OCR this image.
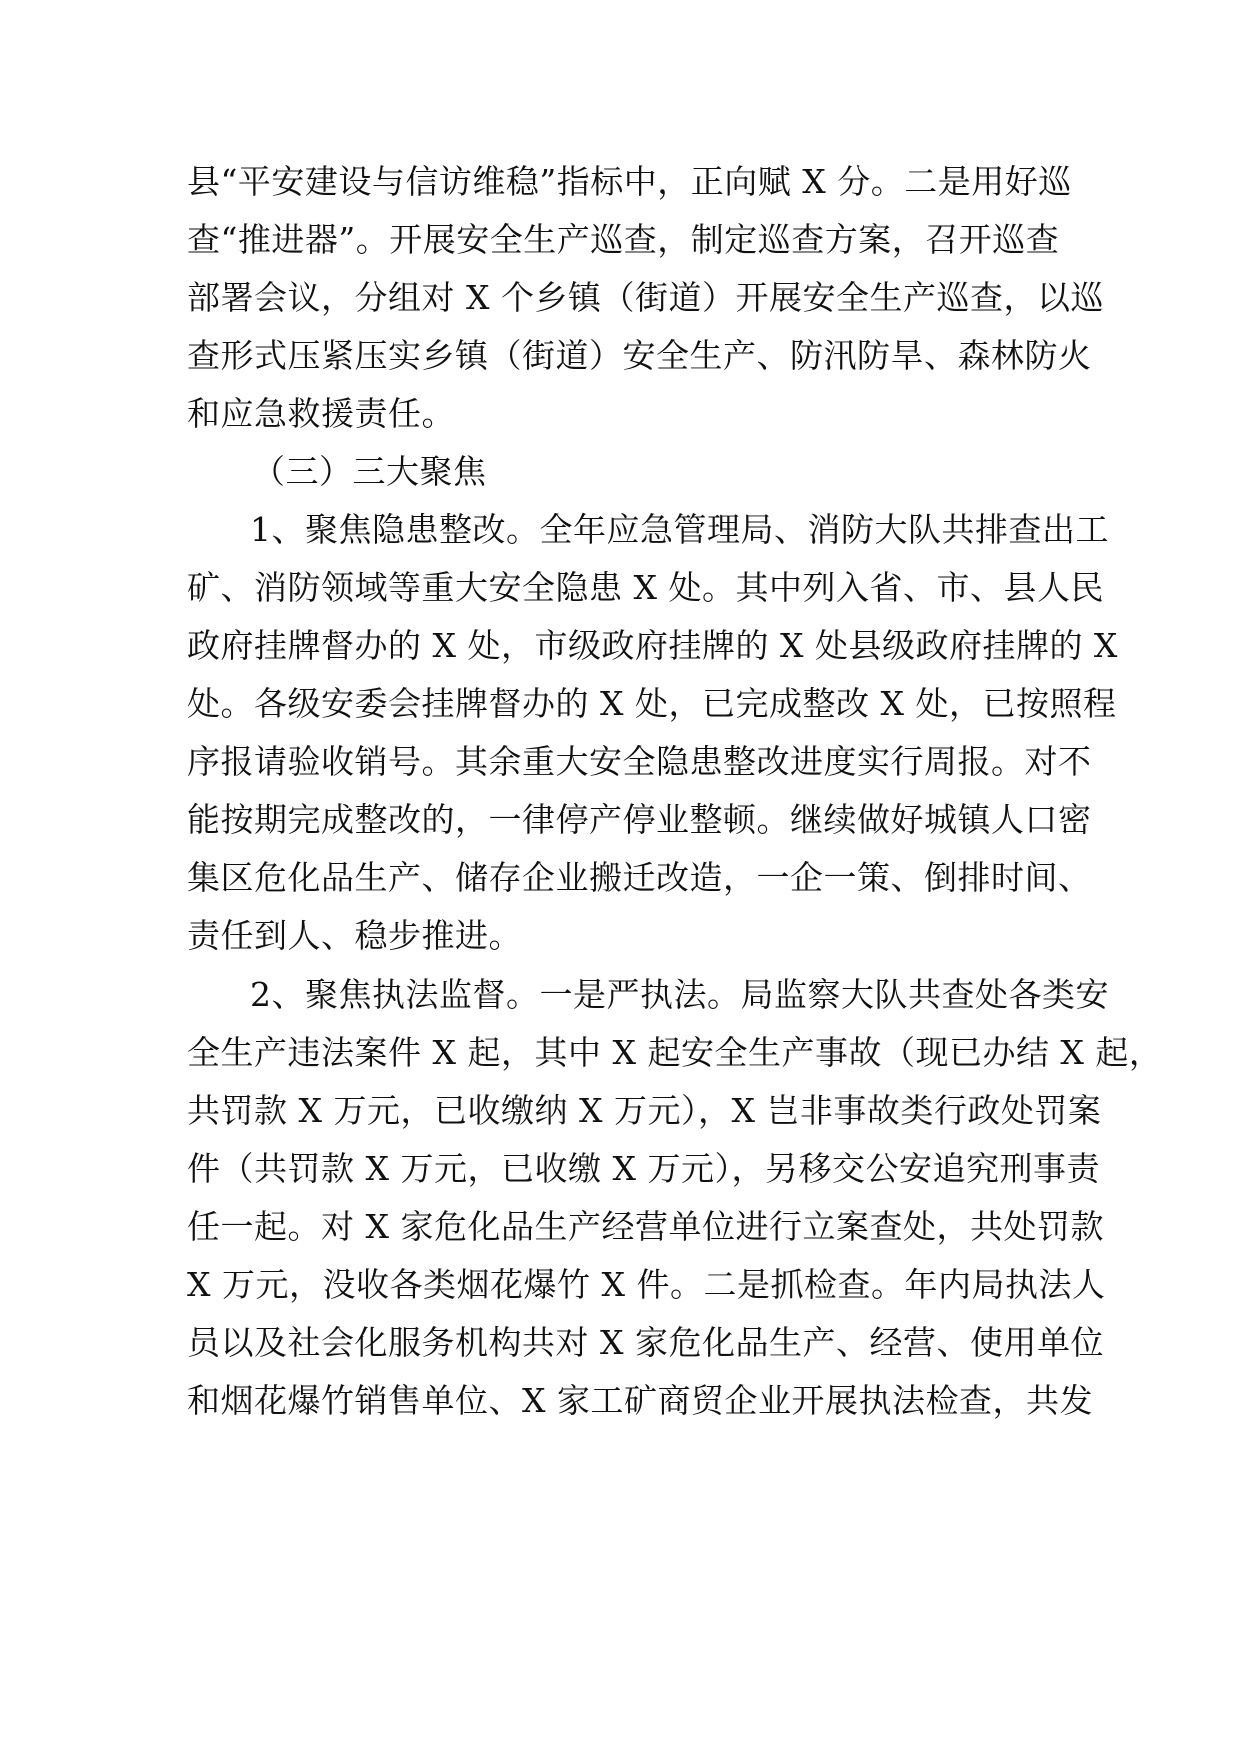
县“平安建设与信访维稳”指标中，正向赋 X 分。二是用好巡
查“推进器”。开展安全生产巡查，制定巡查方案，召开巡查
部署会议，分组对 X 个乡镇（街道）开展安全生产巡查，以巡
查形式压紧压实乡镇（街道）安全生产、防汛防旱、森林防火
和应急救援责任。
（三）三大聚焦
1、聚焦隐患整改。全年应急管理局、消防大队共排查出工
矿、消防领域等重大安全隐患 X 处。其中列入省、市、县人民
政府挂牌督办的 X 处，市级政府挂牌的 X 处县级政府挂牌的 X
处。各级安委会挂牌督办的 X 处，已完成整改 X 处，已按照程
序报请验收销号。其余重大安全隐患整改进度实行周报。对不
能按期完成整改的，一律停产停业整顿。继续做好城镇人口密
集区危化品生产、储存企业搬迁改造，一企一策、倒排时间、
责任到人、稳步推进。
2、聚焦执法监督。一是严执法。局监察大队共查处各类安
全生产违法案件 X 起，其中 X 起安全生产事故（现已办结 X 起，
共罚款 X 万元，已收缴纳 X 万元），X 岂非事故类行政处罚案
件（共罚款 X 万元，已收缴 X 万元），另移交公安追究刑事责
任一起。对 X 家危化品生产经营单位进行立案查处，共处罚款
X 万元，没收各类烟花爆竹 X 件。二是抓检查。年内局执法人
员以及社会化服务机构共对 X 家危化品生产、经营、使用单位
和烟花爆竹销售单位、X 家工矿商贸企业开展执法检查，共发
